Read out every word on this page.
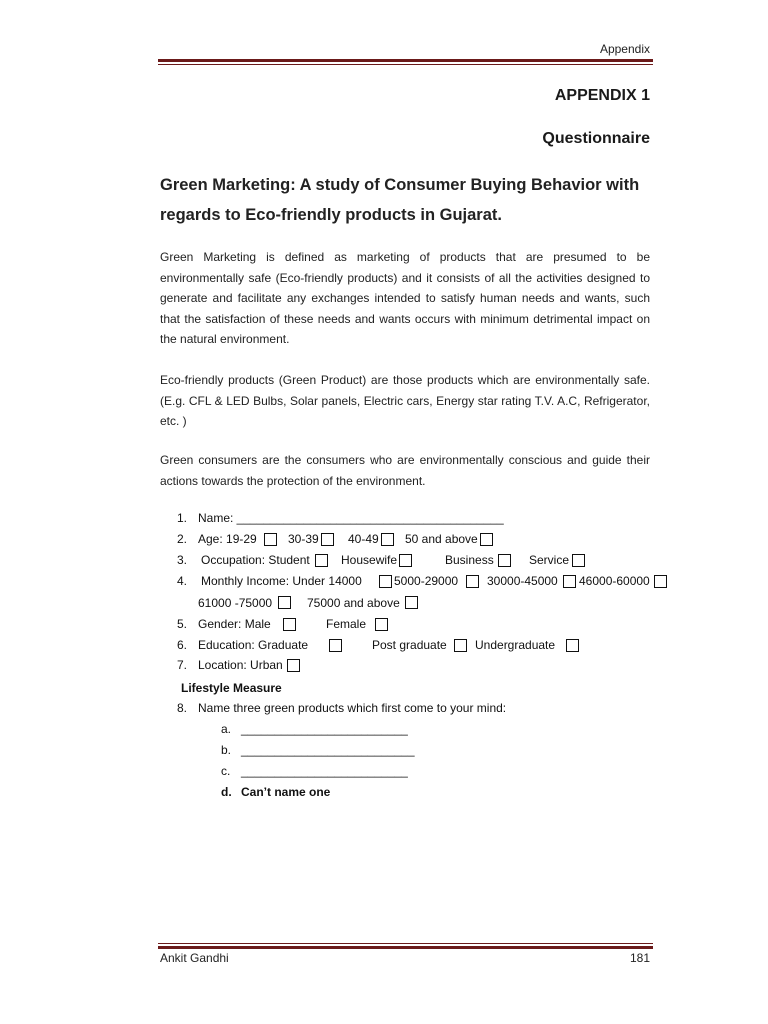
Appendix
APPENDIX 1
Questionnaire
Green Marketing: A study of Consumer Buying Behavior with regards to Eco-friendly products in Gujarat.
Green Marketing is defined as marketing of products that are presumed to be environmentally safe (Eco-friendly products) and it consists of all the activities designed to generate and facilitate any exchanges intended to satisfy human needs and wants, such that the satisfaction of these needs and wants occurs with minimum detrimental impact on the natural environment.
Eco-friendly products (Green Product) are those products which are environmentally safe. (E.g. CFL & LED Bulbs, Solar panels, Electric cars, Energy star rating T.V. A.C, Refrigerator, etc. )
Green consumers are the consumers who are environmentally conscious and guide their actions towards the protection of the environment.
1. Name: ________________________________________
2. Age: 19-29	30-39 40-49 50 and above
3. Occupation: Student	Housewife	Business	Service
4. Monthly Income: Under 14000	5000-29000 30000-45000 46000-60000
61000 -75000	75000 and above
5. Gender: Male	Female
6. Education: Graduate	Post graduate Undergraduate
7. Location: Urban
Lifestyle Measure
8. Name three green products which first come to your mind:
a. _________________________
b. __________________________
c. _________________________
d. Can’t name one
Ankit Gandhi	181
